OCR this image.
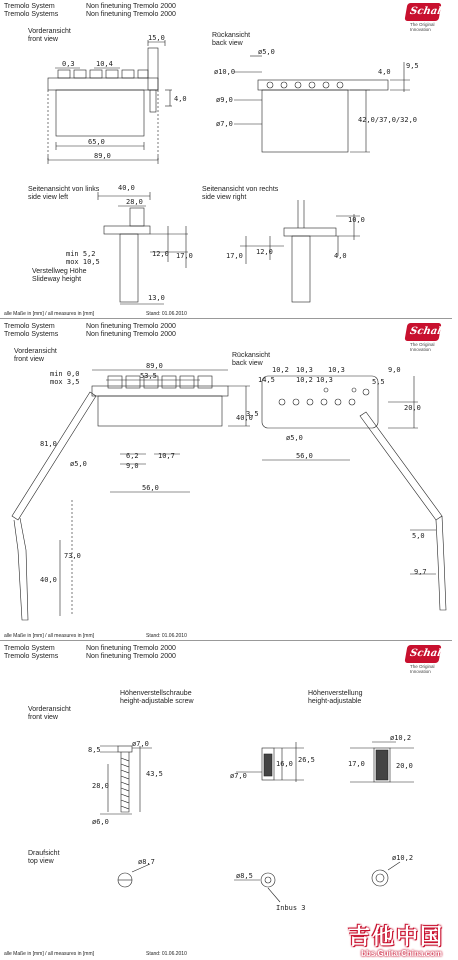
Tremolo System
Tremolo Systems
Non finetuning Tremolo 2000
Non finetuning Tremolo 2000	Schaller
The Original Innovation
Vorderansicht
front view
Rückansicht
back view
Seitenansicht von links
side view left
Seitenansicht von rechts
side view right
Verstellweg Höhe
Slideway height
15,0
0,3	10,4
4,0
65,0
89,0
ø5,0
ø10,0
ø9,0
ø7,0
4,0
9,5
42,0/37,0/32,0
40,0
28,0
min 5,2
mox 10,5
12,0 17,0
13,0
10,0
17,0 12,0	4,0
alle Maße in [mm] / all measures in [mm]	Stand: 01.06.2010
Tremolo System
Tremolo Systems
Non finetuning Tremolo 2000
Non finetuning Tremolo 2000	Schaller
The Original Innovation
Vorderansicht
front view
Rückansicht
back view
min 0,0
mox 3,5
89,0
53,5
81,0
ø5,0
6,2
9,0
10,7
56,0
73,0
40,0
40,0
10,2
10,2
10,3
10,3
10,3
14,5
3,5
9,0
5,5
20,0
ø5,0
56,0
5,0
9,7
alle Maße in [mm] / all measures in [mm]	Stand: 01.06.2010
Tremolo System
Tremolo Systems
Non finetuning Tremolo 2000
Non finetuning Tremolo 2000	Schaller
The Original Innovation
Höhenverstellschraube
height-adjustable screw
Höhenverstellung
height-adjustable
Vorderansicht
front view
Draufsicht
top view
8,5
ø7,0
43,5
28,0
ø6,0
16,0 26,5
ø7,0
ø10,2
17,0	20,0
ø8,7
ø8,5
Inbus 3
ø10,2
alle Maße in [mm] / all measures in [mm]	Stand: 01.06.2010
吉他中国
bbs.GuitarChina.com
